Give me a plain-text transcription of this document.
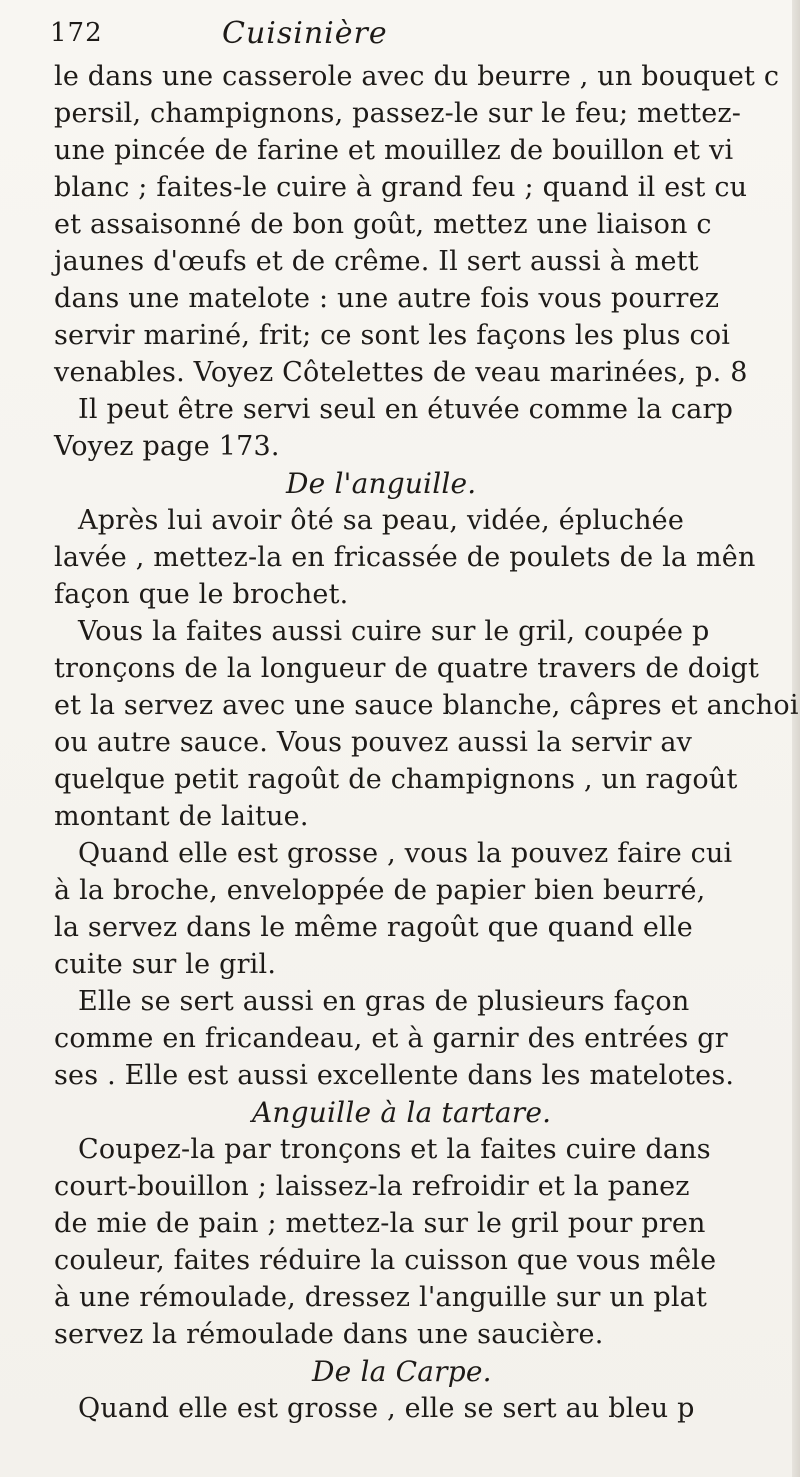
172	Cuisinière
le dans une casserole avec du beurre , un bouquet c
persil, champignons, passez-le sur le feu; mettez-
une pincée de farine et mouillez de bouillon et vi
blanc ; faites-le cuire à grand feu ; quand il est cu
et assaisonné de bon goût, mettez une liaison c
jaunes d'œufs et de crême. Il sert aussi à mett
dans une matelote : une autre fois vous pourrez
servir mariné, frit; ce sont les façons les plus coi
venables. Voyez Côtelettes de veau marinées, p. 8
Il peut être servi seul en étuvée comme la carp
Voyez page 173.
De l'anguille.
Après lui avoir ôté sa peau, vidée, épluchée
lavée , mettez-la en fricassée de poulets de la mên
façon que le brochet.
Vous la faites aussi cuire sur le gril, coupée p
tronçons de la longueur de quatre travers de doigt
et la servez avec une sauce blanche, câpres et anchoi
ou autre sauce. Vous pouvez aussi la servir av
quelque petit ragoût de champignons , un ragoût
montant de laitue.
Quand elle est grosse , vous la pouvez faire cui
à la broche, enveloppée de papier bien beurré,
la servez dans le même ragoût que quand elle
cuite sur le gril.
Elle se sert aussi en gras de plusieurs façon
comme en fricandeau, et à garnir des entrées gr
ses . Elle est aussi excellente dans les matelotes.
Anguille à la tartare.
Coupez-la par tronçons et la faites cuire dans
court-bouillon ; laissez-la refroidir et la panez
de mie de pain ; mettez-la sur le gril pour pren
couleur, faites réduire la cuisson que vous mêle
à une rémoulade, dressez l'anguille sur un plat
servez la rémoulade dans une saucière.
De la Carpe.
Quand elle est grosse , elle se sert au bleu p
